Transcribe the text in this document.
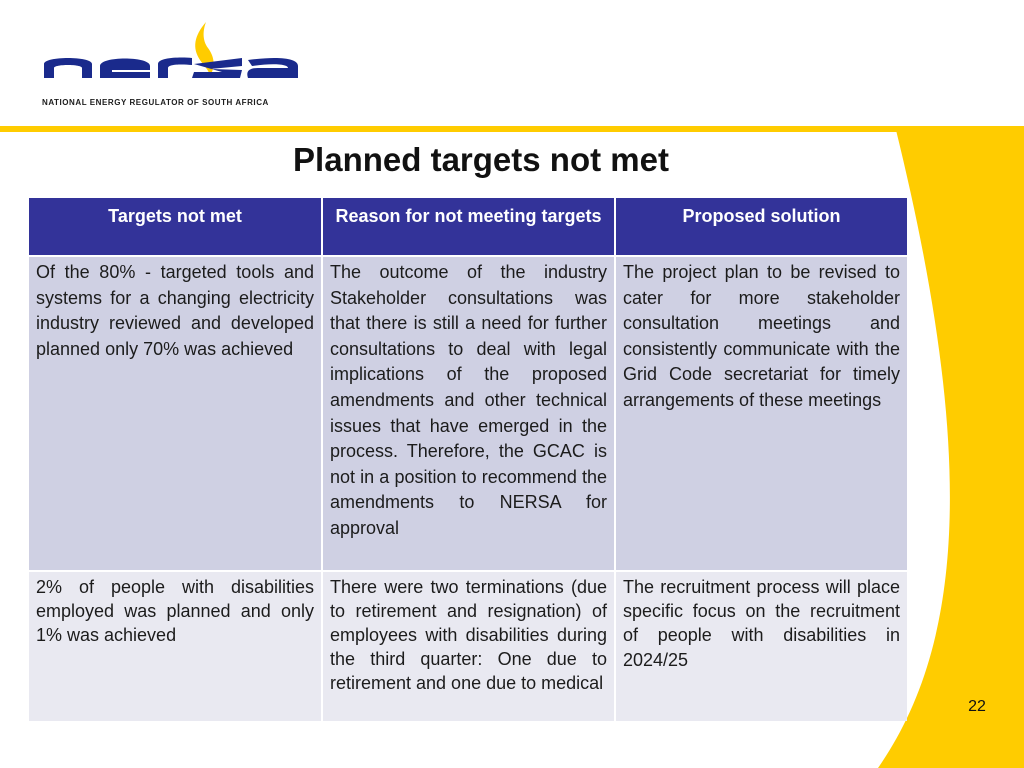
NATIONAL ENERGY REGULATOR OF SOUTH AFRICA
Planned targets not met
Targets not met	Reason for not meeting targets	Proposed solution
Of the 80% - targeted tools and systems for a changing electricity industry reviewed and developed planned only 70% was achieved	The outcome of the industry Stakeholder consultations was that there is still a need for further consultations to deal with legal implications of the proposed amendments and other technical issues that have emerged in the process. Therefore, the GCAC is not in a position to recommend the amendments to NERSA for approval	The project plan to be revised to cater for more stakeholder consultation meetings and consistently communicate with the Grid Code secretariat for timely arrangements of these meetings
2% of people with disabilities employed was planned and only 1% was achieved	There were two terminations (due to retirement and resignation) of employees with disabilities during the third quarter: One due to retirement and one due to medical	The recruitment process will place specific focus on the recruitment of people with disabilities in 2024/25
22
